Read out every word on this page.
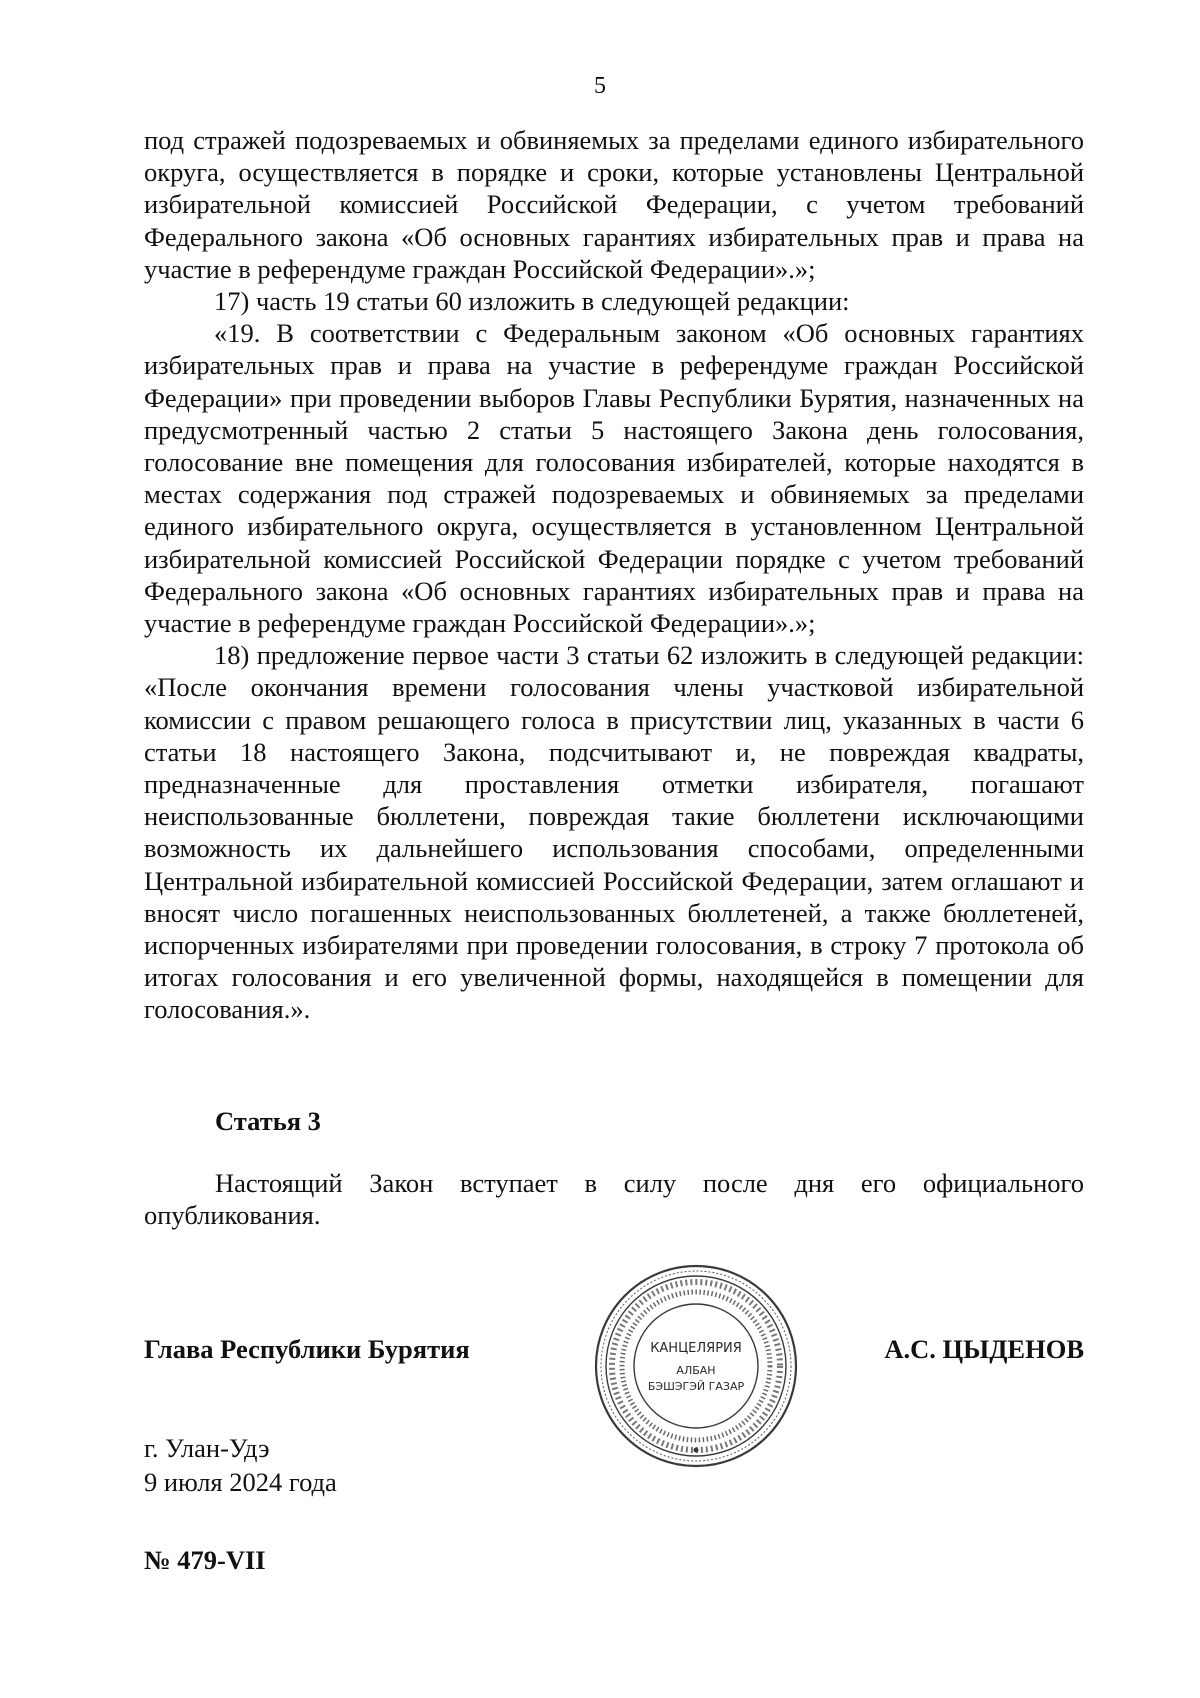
5

под стражей подозреваемых и обвиняемых за пределами единого избирательного округа, осуществляется в порядке и сроки, которые установлены Центральной избирательной комиссией Российской Федерации, с учетом требований Федерального закона «Об основных гарантиях избирательных прав и права на участие в референдуме граждан Российской Федерации».»;

17) часть 19 статьи 60 изложить в следующей редакции:

«19. В соответствии с Федеральным законом «Об основных гарантиях избирательных прав и права на участие в референдуме граждан Российской Федерации» при проведении выборов Главы Республики Бурятия, назначенных на предусмотренный частью 2 статьи 5 настоящего Закона день голосования, голосование вне помещения для голосования избирателей, которые находятся в местах содержания под стражей подозреваемых и обвиняемых за пределами единого избирательного округа, осуществляется в установленном Центральной избирательной комиссией Российской Федерации порядке с учетом требований Федерального закона «Об основных гарантиях избирательных прав и права на участие в референдуме граждан Российской Федерации».»;

18) предложение первое части 3 статьи 62 изложить в следующей редакции: «После окончания времени голосования члены участковой избирательной комиссии с правом решающего голоса в присутствии лиц, указанных в части 6 статьи 18 настоящего Закона, подсчитывают и, не повреждая квадраты, предназначенные для проставления отметки избирателя, погашают неиспользованные бюллетени, повреждая такие бюллетени исключающими возможность их дальнейшего использования способами, определенными Центральной избирательной комиссией Российской Федерации, затем оглашают и вносят число погашенных неиспользованных бюллетеней, а также бюллетеней, испорченных избирателями при проведении голосования, в строку 7 протокола об итогах голосования и его увеличенной формы, находящейся в помещении для голосования.».

Статья 3

Настоящий Закон вступает в силу после дня его официального опубликования.

Глава Республики Бурятия	КАНЦЕЛЯРИЯ
АЛБАН
БЭШЭГЭЙ ГАЗАР
А.С. ЦЫДЕНОВ
г. Улан-Удэ
9 июля 2024 года
№ 479-VII
